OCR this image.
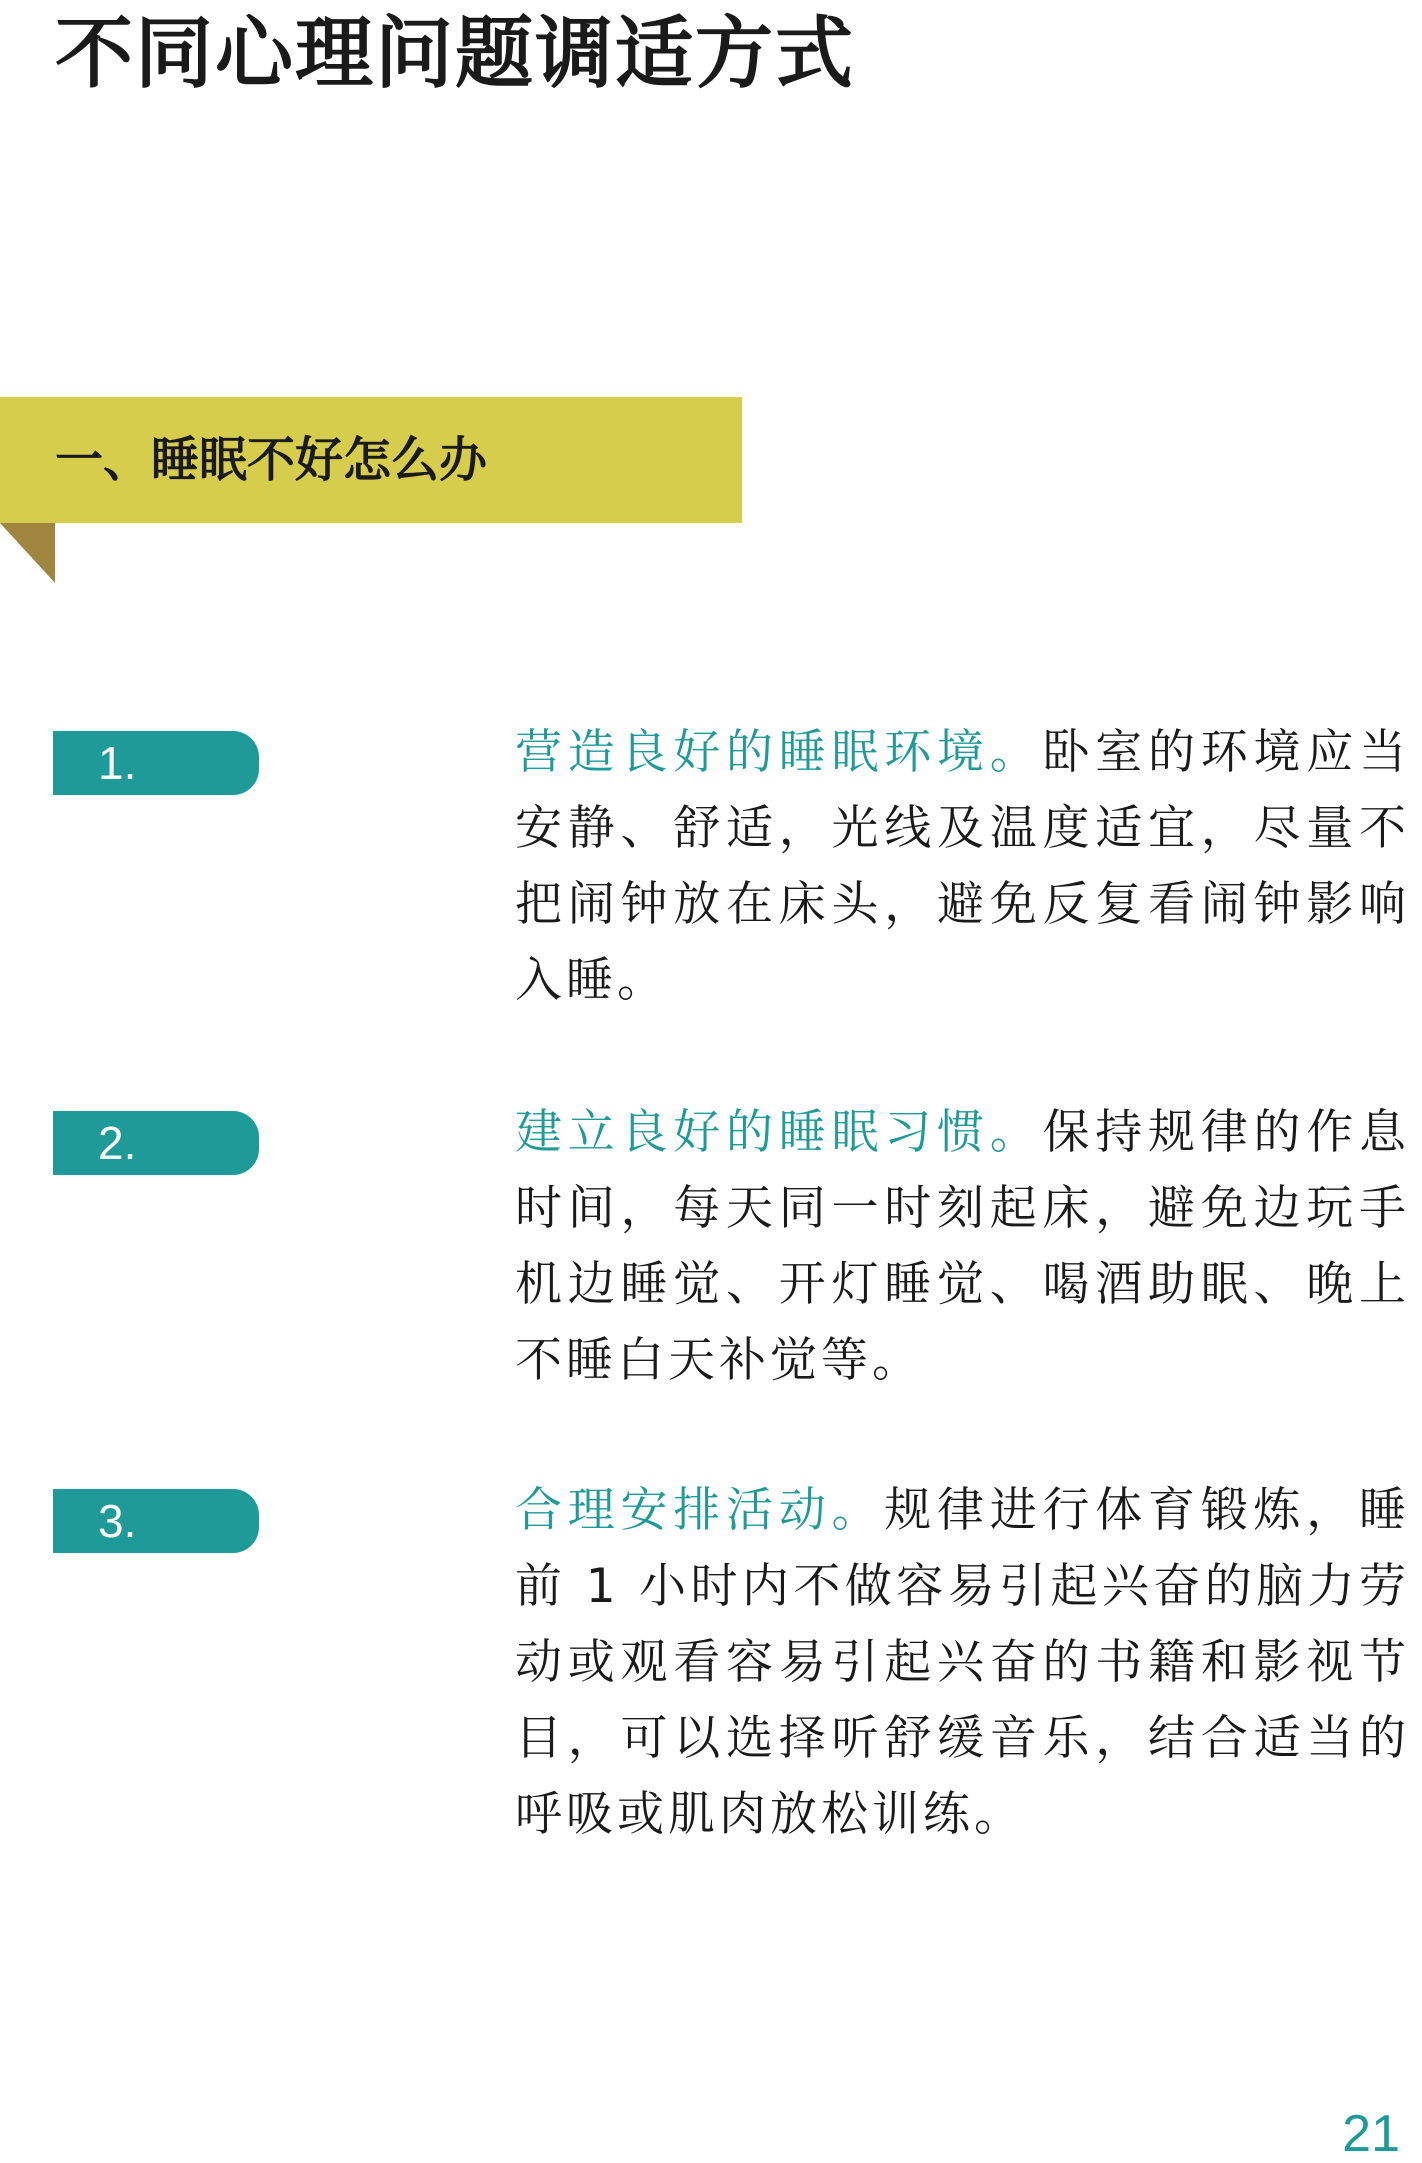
不同心理问题调适方式
一、睡眠不好怎么办
1.	营造良好的睡眠环境。卧室的环境应当安静、舒适，光线及温度适宜，尽量不把闹钟放在床头，避免反复看闹钟影响入睡。

2.	建立良好的睡眠习惯。保持规律的作息时间，每天同一时刻起床，避免边玩手机边睡觉、开灯睡觉、喝酒助眠、晚上不睡白天补觉等。

3.	合理安排活动。规律进行体育锻炼，睡前 1 小时内不做容易引起兴奋的脑力劳动或观看容易引起兴奋的书籍和影视节目，可以选择听舒缓音乐，结合适当的呼吸或肌肉放松训练。

21
